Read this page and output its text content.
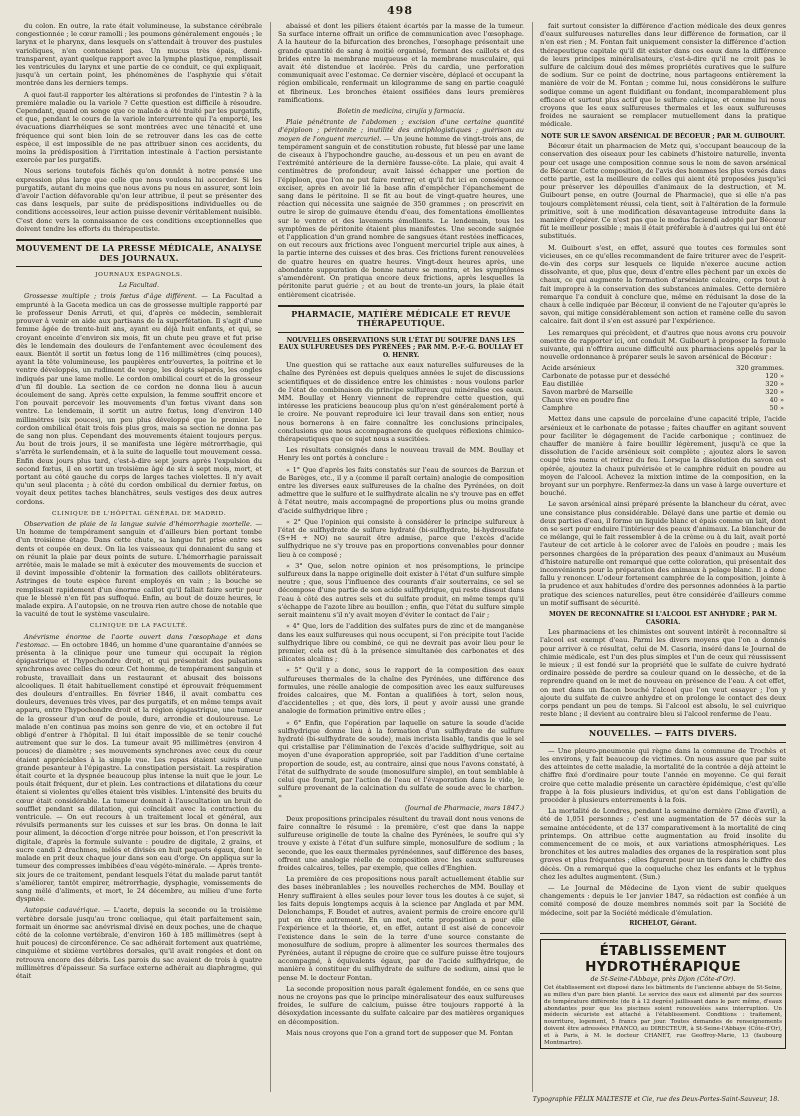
498

du colon. En outre, la rate était volumineuse, la substance cérébrale congestionnée ; le cœur ramolli ; les poumons généralement engoués ; le larynx et le pharynx, dans lesquels on s'attendait à trouver des pustules varioliques, n'en contenaient pas. Un mucus très épais, demi-transparent, ayant quelque rapport avec la lymphe plastique, remplissait les ventricules du larynx et une partie de ce conduit, ce qui expliquait, jusqu'à un certain point, les phénomènes de l'asphyxie qui s'était montrée dans les derniers temps.

A quoi faut-il rapporter les altérations si profondes de l'intestin ? à la première maladie ou la variole ? Cette question est difficile à résoudre. Cependant, quand on songe que ce malade a été traité par les purgatifs, et que, pendant le cours de la variole intercurrente qui l'a emporté, les évacuations diarrhéiques se sont montrées avec une ténacité et une fréquence qui sont bien loin de se retrouver dans les cas de cette espèce, il est impossible de ne pas attribuer sinon ces accidents, du moins la prédisposition à l'irritation intestinale à l'action persistante exercée par les purgatifs.

Nous serions toutefois fâchés qu'on donnât à notre pensée une expression plus large que celle que nous voulons lui accorder. Si les purgatifs, autant du moins que nous avons pu nous en assurer, sont loin d'avoir l'action défavorable qu'on leur attribue, il peut se présenter des cas dans lesquels, par suite de prédispositions individuelles ou de conditions accessoires, leur action puisse devenir véritablement nuisible. C'est donc vers la connaissance de ces conditions exceptionnelles que doivent tendre les efforts du thérapeutiste.

MOUVEMENT DE LA PRESSE MÉDICALE, ANALYSE DES JOURNAUX.
JOURNAUX ESPAGNOLS.
La Facultad.

Grossesse multiple ; trois fœtus d'âge différent. — La Facultad a emprunté à la Gaceta medica un cas de grossesse multiple rapporté par le professeur Denis Arruti, et qui, d'après ce médecin, semblerait prouver à venir en aide aux partisans de la superfétation. Il s'agit d'une femme âgée de trente-huit ans, ayant eu déjà huit enfants, et qui, se croyant enceinte d'environ six mois, fit un chute peu grave et fut prise dès le lendemain des douleurs de l'enfantement avec écoulement des eaux. Bientôt il sortit un fœtus long de 116 millimètres (cinq pouces), ayant la tête volumineuse, les paupières entr'ouvertes, la poitrine et le ventre développés, un rudiment de verge, les doigts séparés, les ongles indiqués par une lame molle. Le cordon ombilical court et de la grosseur d'un fil double. La section de ce cordon ne donna lieu à aucun écoulement de sang. Après cette expulsion, la femme souffrit encore et l'on pouvait percevoir les mouvements d'un fœtus vivant dans son ventre. Le lendemain, il sortit un autre fœtus, long d'environ 140 millimètres (six pouces), un peu plus développé que le premier. Le cordon ombilical était trois fois plus gros, mais sa section ne donna pas de sang non plus. Cependant des mouvements étaient toujours perçus. Au bout de trois jours, il se manifesta une légère métrorrhagie, qui s'arrêta le surlendemain, et à la suite de laquelle tout mouvement cessa. Enfin deux jours plus tard, c'est-à-dire sept jours après l'expulsion du second fœtus, il en sortit un troisième âgé de six à sept mois, mort, et portant au côté gauche du corps de larges taches violettes. Il n'y avait qu'un seul placenta ; à côté du cordon ombilical du dernier fœtus, on voyait deux petites taches blanchâtres, seuls vestiges des deux autres cordons.

CLINIQUE DE L'HÔPITAL GÉNÉRAL DE MADRID.

Observation de plaie de la langue suivie d'hémorrhagie mortelle. — Un homme de tempérament sanguin et d'ailleurs bien portant tombe d'un troisième étage. Dans cette chute, sa langue fut prise entre ses dents et coupée en deux. On lia les vaisseaux qui donnaient du sang et on réunit la plaie par deux points de suture. L'hémorrhagie paraissait arrêtée, mais le malade se mit à exécuter des mouvements de succion et il devint impossible d'obtenir la formation des caillots oblitérateurs. Astringes de toute espèce furent employés en vain ; la bouche se remplissait rapidement d'un énorme caillot qu'il fallait faire sortir pour que le blessé n'en fût pas suffoqué. Enfin, au bout de douze heures, le malade expira. A l'autopsie, on ne trouva rien autre chose de notable que la vacuité de tout le système vasculaire.

CLINIQUE DE LA FACULTÉ.

Anévrisme énorme de l'aorte ouvert dans l'œsophage et dans l'estomac. — En octobre 1846, un homme d'une quarantaine d'années se présenta à la clinique pour une tumeur qui occupait la région épigastrique et l'hypochondre droit, et qui présentait des pulsations synchrones avec celles du cœur. Cet homme, de tempérament sanguin et robuste, travaillait dans un restaurant et abusait des boissons alcooliques. Il était habituellement constipé et éprouvait fréquemment des douleurs d'entrailles. En février 1846, il avait combattu ces douleurs, devenues très vives, par des purgatifs, et en même temps avait apparu, entre l'hypochondre droit et la région épigastrique, une tumeur de la grosseur d'un œuf de poule, dure, arrondie et douloureuse. Le malade n'en continua pas moins son genre de vie, et en octobre il fut obligé d'entrer à l'hôpital. Il lui était impossible de se tenir couché autrement que sur le dos. La tumeur avait 95 millimètres (environ 4 pouces) de diamètre ; ses mouvements synchrones avec ceux du cœur étaient appréciables à la simple vue. Les repas étaient suivis d'une grande pesanteur à l'épigastre. La constipation persistait. La respiration était courte et la dyspnée beaucoup plus intense la nuit que le jour. Le pouls était fréquent, dur et plein. Les contractions et dilatations du cœur étaient si violentes qu'elles étaient très visibles. L'intensité des bruits du cœur était considérable. La tumeur donnait à l'auscultation un bruit de soufflet pendant sa dilatation, qui coïncidait avec la contraction du ventricule. — On eut recours à un traitement local et général, aux révulsifs permanents sur les cuisses et sur les bras. On donna le lait pour aliment, la décoction d'orge nitrée pour boisson, et l'on prescrivit la digitale, d'après la formule suivante : poudre de digitale, 2 grains, et sucre candi 2 drachmes, mêlés et divisés en huit paquets égaux, dont le malade en prit deux chaque jour dans son eau d'orge. On appliqua sur la tumeur des compresses imbibées d'eau végéto-minérale. — Après trente-six jours de ce traitement, pendant lesquels l'état du malade parut tantôt s'améliorer, tantôt empirer, métrorrhagie, dysphagie, vomissements de sang mêlé d'aliments, et mort, le 24 décembre, au milieu d'une forte dyspnée.

Autopsie cadavérique. — L'aorte, depuis la seconde ou la troisième vertèbre dorsale jusqu'au tronc cœliaque, qui était parfaitement sain, formait un énorme sac anévrismal divisé en deux poches, une de chaque côté de la colonne vertébrale, d'environ 160 à 185 millimètres (sept à huit pouces) de circonférence. Ce sac adhérait fortement aux quatrième, cinquième et sixième vertèbres dorsales, qu'il avait rongées et dont on retrouva encore des débris. Les parois du sac avaient de trois à quatre millimètres d'épaisseur. Sa surface externe adhérait au diaphragme, qui était

abaissé et dont les piliers étaient écartés par la masse de la tumeur. Sa surface interne offrait un orifice de communication avec l'œsophage. A la hauteur de la bifurcation des bronches, l'œsophage présentait une grande quantité de sang à moitié organisé, formant des caillots et des brides entre la membrane muqueuse et la membrane musculaire, qui avait été distendue et lacérée. Près du cardia, une perforation communiquait avec l'estomac. Ce dernier viscère, déplacé et occupant la région ombilicale, renfermait un kilogramme de sang en partie coagulé et fibrineux. Les bronches étaient ossifiées dans leurs premières ramifications.

Boletin de medicina, cirujía y farmacia.

Plaie pénétrante de l'abdomen ; excision d'une certaine quantité d'épiploon ; péritonite ; inutilité des antiphlogistiques ; guérison au moyen de l'onguent mercuriel. — Un jeune homme de vingt-trois ans, de tempérament sanguin et de constitution robuste, fut blessé par une lame de ciseaux à l'hypochondre gauche, au-dessous et un peu en avant de l'extrémité antérieure de la dernière fausse-côte. La plaie, qui avait 4 centimètres de profondeur, avait laissé échapper une portion de l'épiploon, que l'on ne put faire rentrer, et qu'il fut ici en conséquence exciser, après en avoir lié la base afin d'empêcher l'épanchement de sang dans le péritoine. Il se fit au bout de vingt-quatre heures, une réaction qui nécessita une saignée de 350 grammes ; on prescrivit en outre le sirop de guimauve étendu d'eau, des fomentations émollientes sur le ventre et des lavements émollients. Le lendemain, tous les symptômes de péritonite étaient plus manifestes. Une seconde saignée et l'application d'un grand nombre de sangsues étant restées inefficaces, on eut recours aux frictions avec l'onguent mercuriel triple aux aines, à la partie interne des cuisses et des bras. Ces frictions furent renouvelées de quatre heures en quatre heures. Vingt-deux heures après, une abondante suppuration de bonne nature se montra, et les symptômes s'amendèrent. On pratiqua encore deux frictions, après lesquelles la péritonite parut guérie ; et au bout de trente-un jours, la plaie était entièrement cicatrisée.

PHARMACIE, MATIÈRE MÉDICALE ET REVUE THÉRAPEUTIQUE.
NOUVELLES OBSERVATIONS SUR L'ÉTAT DU SOUFRE DANS LES EAUX SULFUREUSES DES PYRÉNÉES ; PAR MM. P.-F.-G. BOULLAY ET O. HENRY.

Une question qui se rattache aux eaux naturelles sulfureuses de la chaîne des Pyrénées est depuis quelques années le sujet de discussions scientifiques et de dissidence entre les chimistes : nous voulons parler de l'état de combinaison du principe sulfureux qui minéralise ces eaux. MM. Boullay et Henry viennent de reprendre cette question, qui intéresse les praticiens beaucoup plus qu'on n'est généralement porté à le croire. Ne pouvant reproduire ici leur travail dans son entier, nous nous bornerons à en faire connaître les conclusions principales, conclusions que nous accompagnerons de quelques réflexions chimico-thérapeutiques que ce sujet nous a suscitées.

Les résultats consignés dans le nouveau travail de MM. Boullay et Henry les ont portés à conclure :

« 1° Que d'après les faits constatés sur l'eau de sources de Barzun et de Barèges, etc., il y a (comme il paraît certain) analogie de composition entre les diverses eaux sulfureuses de la chaîne des Pyrénées, on doit admettre que le sulfure et le sulfhydrate alcalin ne s'y trouve pas en effet à l'état neutre, mais accompagné de proportions plus ou moins grande d'acide sulfhydrique libre ;

« 2° Que l'opinion qui consiste à considérer le principe sulfureux à l'état de sulfhydrate de sulfure hydraté (bi-sulfhydrate, bi-hydrosulfate (S+H + NO) ne saurait être admise, parce que l'excès d'acide sulfhydrique ne s'y trouve pas en proportions convenables pour donner lieu à ce composé ;

« 3° Que, selon notre opinion et nos présomptions, le principe sulfureux dans la nappe originelle doit exister à l'état d'un sulfure simple neutre ; que, sous l'influence des courants d'air souterrains, ce sel se décompose d'une partie de son acide sulfhydrique, qui reste dissout dans l'eau à côté des autres sels et du sulfate produit, en même temps qu'il s'échappe de l'azote libre au bouillon ; enfin, que l'état du sulfure simple serait maintenu s'il n'y avait moyen d'éviter le contact de l'air ;

« 4° Que, lors de l'addition des sulfates purs de zinc et de manganèse dans les eaux sulfureuses qui nous occupent, si l'on précipite tout l'acide sulfhydrique libre ou combiné, ce qui ne devrait pas avoir lieu pour le premier, cela est dû à la présence simultanée des carbonates et des silicates alcalins ;

« 5° Qu'il y a donc, sous le rapport de la composition des eaux sulfureuses thermales de la chaîne des Pyrénées, une différence des formules, une réelle analogie de composition avec les eaux sulfureuses froides calcaires, que M. Fontan a qualifiées à tort, selon nous, d'accidentelles ; et que, dès lors, il peut y avoir aussi une grande analogie de formation primitive entre elles ;

« 6° Enfin, que l'opération par laquelle on sature la soude d'acide sulfhydrique donne lieu à la formation d'un sulfhydrate de sulfure hydraté (bi-sulfhydrate de soude), mais incrista lisable, tandis que le sel qui cristallise par l'élimination de l'excès d'acide sulfhydrique, soit au moyen d'une évaporation appropriée, soit par l'addition d'une certaine proportion de soude, est, au contraire, ainsi que nous l'avons constaté, à l'état de sulfhydrate de soude (monosulfure simple), en tout semblable à celui que fournit, par l'action de l'eau et l'évaporation dans le vide, le sulfure provenant de la calcination du sulfate de soude avec le charbon. »

(Journal de Pharmacie, mars 1847.)

Deux propositions principales résultent du travail dont nous venons de faire connaître le résumé : la première, c'est que dans la nappe sulfureuse originelle de toute la chaîne des Pyrénées, le soufre qui s'y trouve y existe à l'état d'un sulfure simple, monosulfure de sodium ; la seconde, que les eaux thermales pyrénéennes, sauf différence des bases, offrent une analogie réelle de composition avec les eaux sulfureuses froides calcaires, telles, par exemple, que celles d'Enghien.

La première de ces propositions nous paraît actuellement établie sur des bases inébranlables ; les nouvelles recherches de MM. Boullay et Henry suffiraient à elles seules pour lever tous les doutes à ce sujet, si les faits depuis longtemps acquis à la science par Anglada et par MM. Delonchamps, F. Boudet et autres, avaient permis de croire encore qu'il put en être autrement. En un mot, cette proposition a pour elle l'expérience et la théorie, et, en effet, autant il est aisé de concevoir l'existence dans le sein de la terre d'une source constante de monosulfure de sodium, propre à alimenter les sources thermales des Pyrénées, autant il répugne de croire que ce sulfure puisse être toujours accompagné, à équivalents égaux, par de l'acide sulfhydrique, de manière à constituer du sulfhydrate de sulfure de sodium, ainsi que le pense M. le docteur Fontan.

La seconde proposition nous paraît également fondée, en ce sens que nous ne croyons pas que le principe minéralisateur des eaux sulfureuses froides, le sulfure de calcium, puisse être toujours rapporté à la désoxydation incessante du sulfate calcaire par des matières organiques en décomposition.

Mais nous croyons que l'on a grand tort de supposer que M. Fontan

fait surtout consister la différence d'action médicale des deux genres d'eaux sulfureuses naturelles dans leur différence de formation, car il n'en est rien ; M. Fontan fait uniquement consister la différence d'action thérapeutique capitale qu'il dit exister dans ces eaux dans la différence de leurs principes minéralisateurs, c'est-à-dire qu'il ne croit pas le sulfure de calcium doué des mêmes propriétés curatives que le sulfure de sodium. Sur ce point de doctrine, nous partageons entièrement la manière de voir de M. Fontan ; comme lui, nous considérons le sulfure sodique comme un agent fluidifiant ou fondant, incomparablement plus efficace et surtout plus actif que le sulfure calcique, et comme lui nous croyons que les eaux sulfureuses thermales et les eaux sulfureuses froides ne sauraient se remplacer mutuellement dans la pratique médicale.

NOTE SUR LE SAVON ARSÉNICAL DE BÉCOEUR ; PAR M. GUIBOURT.

Bécœur était un pharmacien de Metz qui, s'occupant beaucoup de la conservation des oiseaux pour les cabinets d'histoire naturelle, inventa pour cet usage une composition connue sous le nom de savon arsénical de Bécœur. Cette composition, de l'avis des hommes les plus versés dans cette partie, est la meilleure de celles qui aient été proposées jusqu'ici pour préserver les dépouilles d'animaux de la destruction, et M. Guibourt pense, en outre (Journal de Pharmacie), que si elle n'a pas toujours complètement réussi, cela tient, soit à l'altération de la formule primitive, soit à une modification désavantageuse introduite dans la manière d'opérer. Ce n'est pas que le modus faciendi adopté par Bécœur fût le meilleur possible ; mais il était préférable à d'autres qui lui ont été substitués.

M. Guibourt s'est, en effet, assuré que toutes ces formules sont vicieuses, en ce qu'elles recommandent de faire triturer avec de l'esprit-de-vin des corps sur lesquels ce liquide n'exerce aucune action dissolvante, et que, plus que, deux d'entre elles pèchent par un excès de chaux, ce qui augmente la formation d'arséniate calcaire, corps tout à fait impropre à la conservation des substances animales. Cette dernière remarque l'a conduit à conclure que, même en réduisant la dose de la chaux à celle indiquée par Bécœur, il convient de ne l'ajouter qu'après le savon, qui mitige considérablement son action et ramène celle du savon calcaire. fait dont il s'en est assuré par l'expérience.

Les remarques qui précèdent, et d'autres que nous avons cru pouvoir omettre de rapporter ici, ont conduit M. Guibourt à proposer la formule suivante, qui n'offrira aucune difficulté aux pharmaciens appelés par la nouvelle ordonnance à préparer seuls le savon arsénical de Bécœur :

Acide arsénieux	320 grammes.
Carbonate de potasse pur et desséché	120 »
Eau distillée	320 »
Savon marbré de Marseille	320 »
Chaux vive en poudre fine	40 »
Camphre	50 »

Mettez dans une capsule de porcelaine d'une capacité triple, l'acide arsénieux et le carbonate de potasse ; faites chauffer en agitant souvent pour faciliter le dégagement de l'acide carbonique ; continuez de chauffer de manière à faire bouillir légèrement, jusqu'à ce que la dissolution de l'acide arsénieux soit complète ; ajoutez alors le savon coupé très menu et retirez du feu. Lorsque la dissolution du savon est opérée, ajoutez la chaux pulvérisée et le camphre réduit en poudre au moyen de l'alcool. Achevez la mixtion intime de la composition, en la broyant sur un porphyre. Renfermez-la dans un vase à large ouverture et bouché.

Le savon arsénical ainsi préparé présente la blancheur du cérat, avec une consistance plus considérable. Délayé dans une partie et demie ou deux parties d'eau, il forme un liquide blanc et épais comme un lait, dont on se sert pour enduire l'intérieur des peaux d'animaux. La blancheur de ce mélange, qui le fait ressembler à de la crème ou à du lait, avait porté l'auteur de cet article à le colorer avec de l'aloès en poudre ; mais les personnes chargées de la préparation des peaux d'animaux au Muséum d'histoire naturelle ont remarqué que cette coloration, qui présentait des inconvénients pour la préparation des animaux à pelage blanc. Il a donc fallu y renoncer. L'odeur fortement camphrée de la composition, jointe à la prudence et aux habitudes d'ordre des personnes adonnées à la partie pratique des sciences naturelles, peut être considérée d'ailleurs comme un motif suffisant de sécurité.

MOYEN DE RECONNAÎTRE SI L'ALCOOL EST ANHYDRE ; PAR M. CASORIA.

Les pharmaciens et les chimistes ont souvent intérêt à reconnaître si l'alcool est exempt d'eau. Parmi les divers moyens que l'on a donnés pour arriver à ce résultat, celui de M. Casoria, inséré dans le Journal de chimie médicale, est l'un des plus simples et l'un de ceux qui réussissent le mieux ; il est fondé sur la propriété que le sulfate de cuivre hydraté ordinaire possède de perdre sa couleur quand on le dessèche, et de la reprendre quand on le met de nouveau en présence de l'eau. A cet effet, on met dans un flacon bouché l'alcool que l'on veut essayer ; l'on y ajoute du sulfate de cuivre anhydre et on prolonge le contact des deux corps pendant un peu de temps. Si l'alcool est absolu, le sel cuivrique reste blanc ; il devient au contraire bleu si l'alcool renferme de l'eau.

NOUVELLES. — FAITS DIVERS.

— Une pleuro-pneumonie qui règne dans la commune de Trochès et les environs, y fait beaucoup de victimes. On nous assure que par suite des atteintes de cette maladie, la mortalité de la contrée a déjà atteint le chiffre fixé d'ordinaire pour toute l'année en moyenne. Ce qui ferait croire que cette maladie présente un caractère épidémique, c'est qu'elle frappe à la fois plusieurs individus, et qu'on est dans l'obligation de procéder à plusieurs enterrements à la fois.

La mortalité de Londres, pendant la semaine dernière (2me d'avril), a été de 1,051 personnes ; c'est une augmentation de 57 décès sur la semaine antécédente, et de 137 comparativement à la mortalité de cinq printemps. On attribue cette augmentation au froid insolite du commencement de ce mois, et aux variations atmosphériques. Les bronchites et les autres maladies des organes de la respiration sont plus graves et plus fréquentes ; elles figurent pour un tiers dans le chiffre des décès. On a remarqué que la coqueluche chez les enfants et le typhus chez les adultes augmentent. (Sun.)

— Le Journal de Médecine de Lyon vient de subir quelques changements : depuis le 1er janvier 1847, sa rédaction est confiée à un comité composé de douze membres nommés soit par la Société de médecine, soit par la Société médicale d'émulation.

RICHELOT, Gérant.
ÉTABLISSEMENT HYDROTHÉRAPIQUE
de St-Seine-l'Abbaye, près Dijon (Côte-d'Or).
Cet établissement est disposé dans les bâtiments de l'ancienne abbaye de St-Seine, au milieu d'un parc bien planté. Le service des eaux est alimenté par des sources de température différente (de 8 à 12 degrés) jaillissant dans le parc même, d'eaux abondantes pour que les piscines soient renouvelées sans interruption. Un médecin sécuriste est attaché à l'établissement. Conditions : traitement, nourriture, logement, 5 francs par jour. Toutes demandes de renseignements doivent être adressées FRANCO, au DIRECTEUR, à St-Seine-l'Abbaye (Côte-d'Or), et à Paris, à M. le docteur CHANET, rue Geoffroy-Marie, 13 (faubourg Montmartre).
Typographie FÉLIX MALTESTE et Cie, rue des Deux-Portes-Saint-Sauveur, 18.
